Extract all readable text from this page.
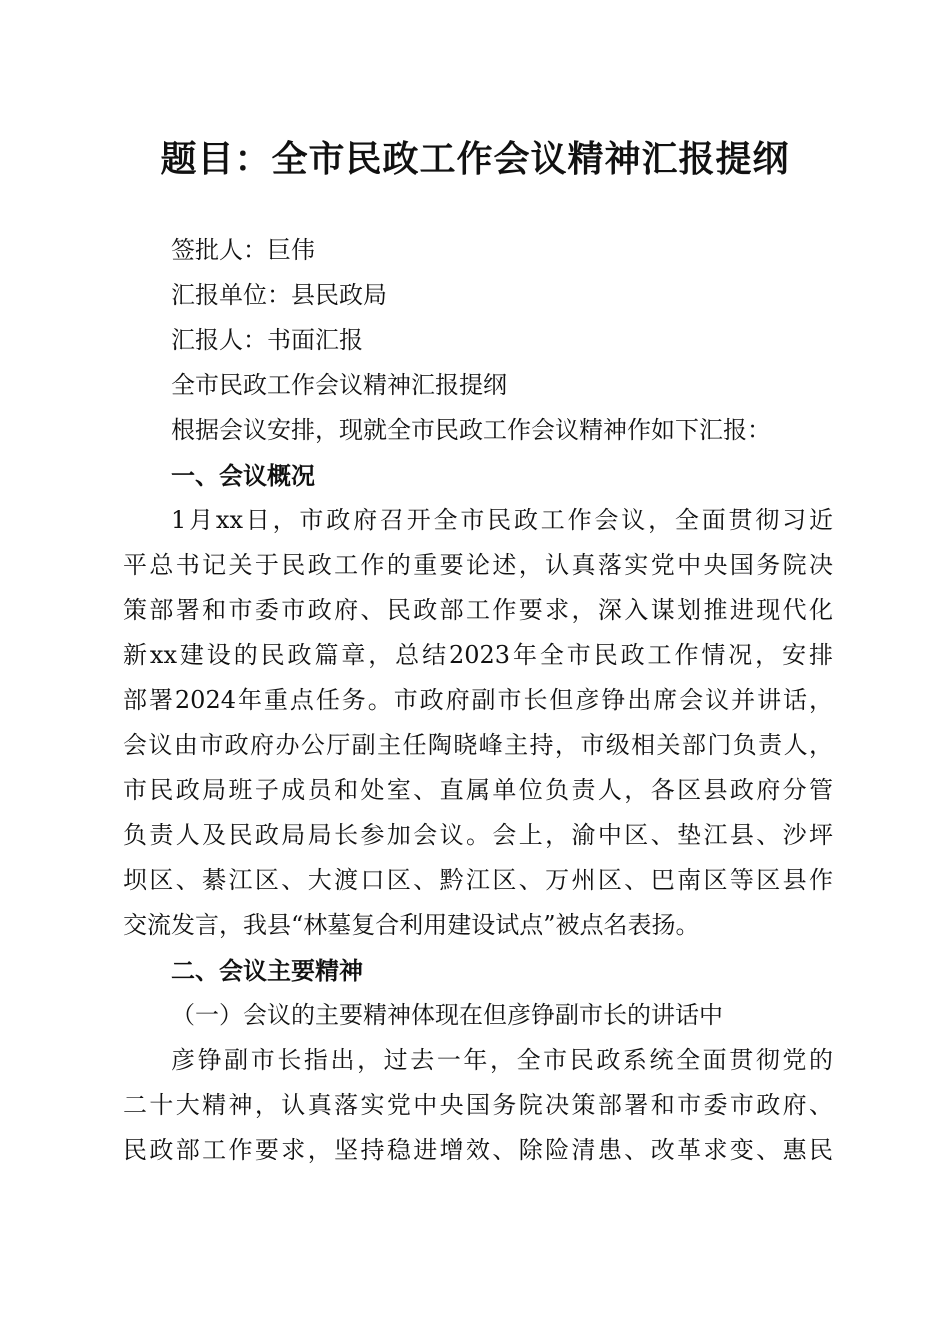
题目：全市民政工作会议精神汇报提纲
签批人：巨伟
汇报单位：县民政局
汇报人：书面汇报
全市民政工作会议精神汇报提纲
根据会议安排，现就全市民政工作会议精神作如下汇报：
一、会议概况
1月xx日，市政府召开全市民政工作会议，全面贯彻习近
平总书记关于民政工作的重要论述，认真落实党中央国务院决
策部署和市委市政府、民政部工作要求，深入谋划推进现代化
新xx建设的民政篇章，总结2023年全市民政工作情况，安排
部署2024年重点任务。市政府副市长但彦铮出席会议并讲话，
会议由市政府办公厅副主任陶晓峰主持，市级相关部门负责人，
市民政局班子成员和处室、直属单位负责人，各区县政府分管
负责人及民政局局长参加会议。会上，渝中区、垫江县、沙坪
坝区、綦江区、大渡口区、黔江区、万州区、巴南区等区县作
交流发言，我县“林墓复合利用建设试点”被点名表扬。
二、会议主要精神
（一）会议的主要精神体现在但彦铮副市长的讲话中
彦铮副市长指出，过去一年，全市民政系统全面贯彻党的
二十大精神，认真落实党中央国务院决策部署和市委市政府、
民政部工作要求，坚持稳进增效、除险清患、改革求变、惠民
